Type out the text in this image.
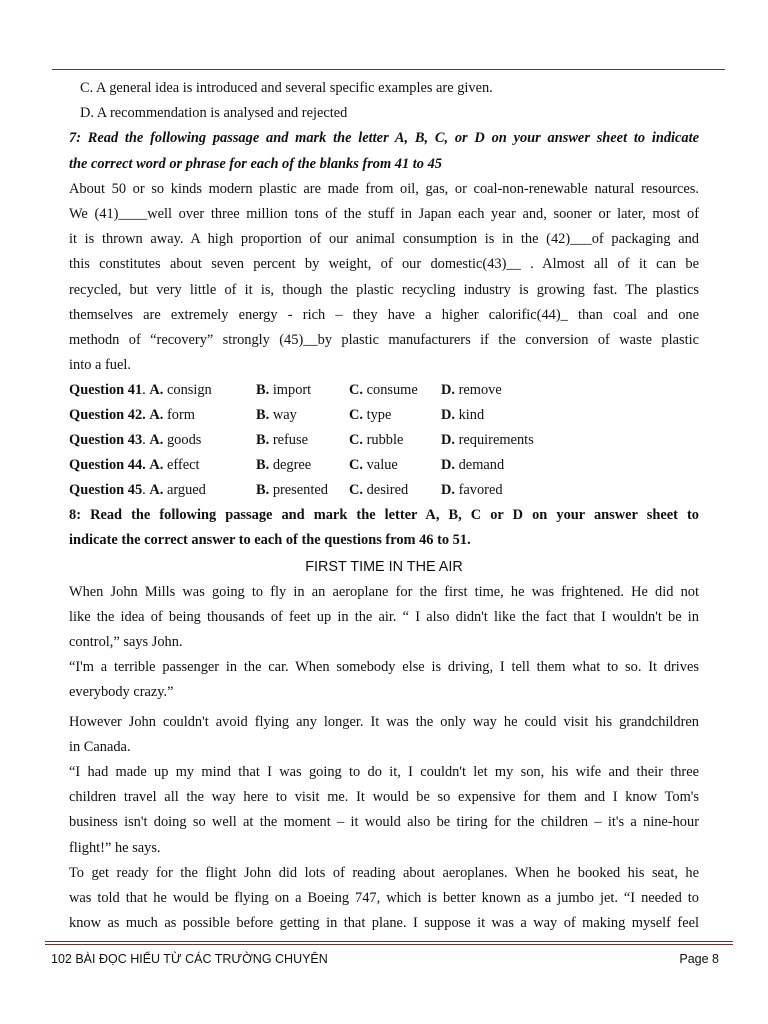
C. A general idea is introduced and several specific examples are given.
D. A recommendation is analysed and rejected
7: Read the following passage and mark the letter A, B, C, or D on your answer sheet to indicate
the correct word or phrase for each of the blanks from 41 to 45
About 50 or so kinds modern plastic are made from oil, gas, or coal-non-renewable natural resources.
We (41)____well over three million tons of the stuff in Japan each year and, sooner or later, most of
it is thrown away. A high proportion of our animal consumption is in the (42)___of packaging and
this constitutes about seven percent by weight, of our domestic(43)__ . Almost all of it can be
recycled, but very little of it is, though the plastic recycling industry is growing fast. The plastics
themselves are extremely energy - rich – they have a higher calorific(44)_ than coal and one
methodn of “recovery” strongly (45)__by plastic manufacturers if the conversion of waste plastic
into a fuel.
Question 41. A. consign	B. import	C. consume	D. remove
Question 42. A. form	B. way	C. type	D. kind
Question 43. A. goods	B. refuse	C. rubble	D. requirements
Question 44. A. effect	B. degree	C. value	D. demand
Question 45. A. argued	B. presented	C. desired	D. favored
8: Read the following passage and mark the letter A, B, C or D on your answer sheet to
indicate the correct answer to each of the questions from 46 to 51.
FIRST TIME IN THE AIR
When John Mills was going to fly in an aeroplane for the first time, he was frightened. He did not
like the idea of being thousands of feet up in the air. “ I also didn't like the fact that I wouldn't be in
control,” says John.
“I'm a terrible passenger in the car. When somebody else is driving, I tell them what to so. It drives
everybody crazy.”
However John couldn't avoid flying any longer. It was the only way he could visit his grandchildren
in Canada.
“I had made up my mind that I was going to do it, I couldn't let my son, his wife and their three
children travel all the way here to visit me. It would be so expensive for them and I know Tom's
business isn't doing so well at the moment – it would also be tiring for the children – it's a nine-hour
flight!” he says.
To get ready for the flight John did lots of reading about aeroplanes. When he booked his seat, he
was told that he would be flying on a Boeing 747, which is better known as a jumbo jet. “I needed to
know as much as possible before getting in that plane. I suppose it was a way of making myself feel
102 BÀI ĐỌC HIỂU TỪ CÁC TRƯỜNG CHUYÊN	Page 8
